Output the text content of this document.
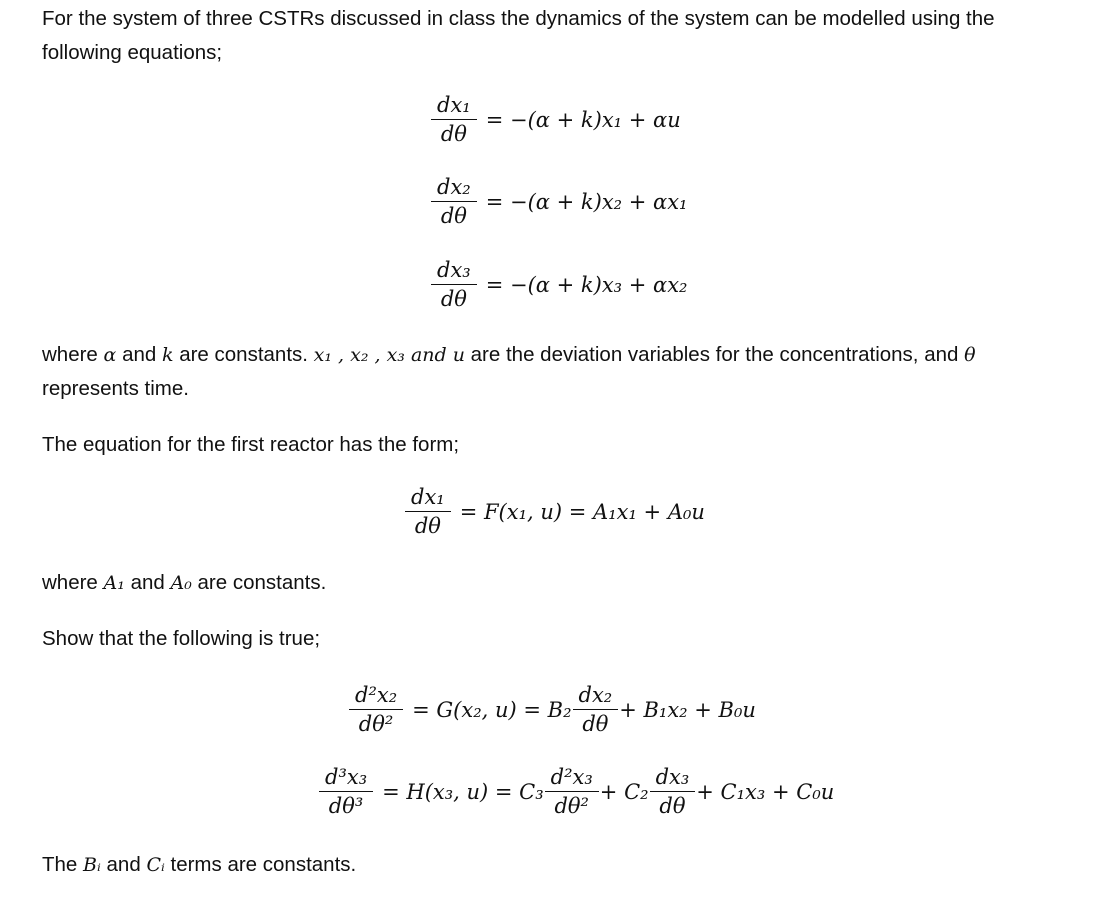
For the system of three CSTRs discussed in class the dynamics of the system can be modelled using the
following equations;
$\frac{\text{dx₁}}{d\theta} = -(\alpha + k)x_1 + \alpha u$
$\frac{\text{dx₂}}{d\theta} = -(\alpha + k)x_2 + \alpha x_1$
$\frac{\text{dx₃}}{d\theta} = -(\alpha + k)x_3 + \alpha x_2$
where α and k are constants. x₁ , x₂ , x₃ and u are the deviation variables for the concentrations, and θ
represents time.
The equation for the first reactor has the form;
$\frac{\text{dx₁}}{d\theta} = F(x_1$, u) = A₁x₁ + A₀u
where A₁ and A₀ are constants.
Show that the following is true;
$\frac{\text{d²x₂}}{\text{dθ²}} = G(x_2$, $u) = B_2 \frac{\text{dx₂}}{d\theta} + B_1x_2 + B_0u$
$\frac{\text{d³x₃}}{\text{dθ³}} = H(x_3$, $u) = C_3 \frac{\text{d²x₃}}{\text{dθ²}} + C_2 \frac{\text{dx₃}}{d\theta} + C_1x_3 + C_0u$
The Bᵢ and Cᵢ terms are constants.
